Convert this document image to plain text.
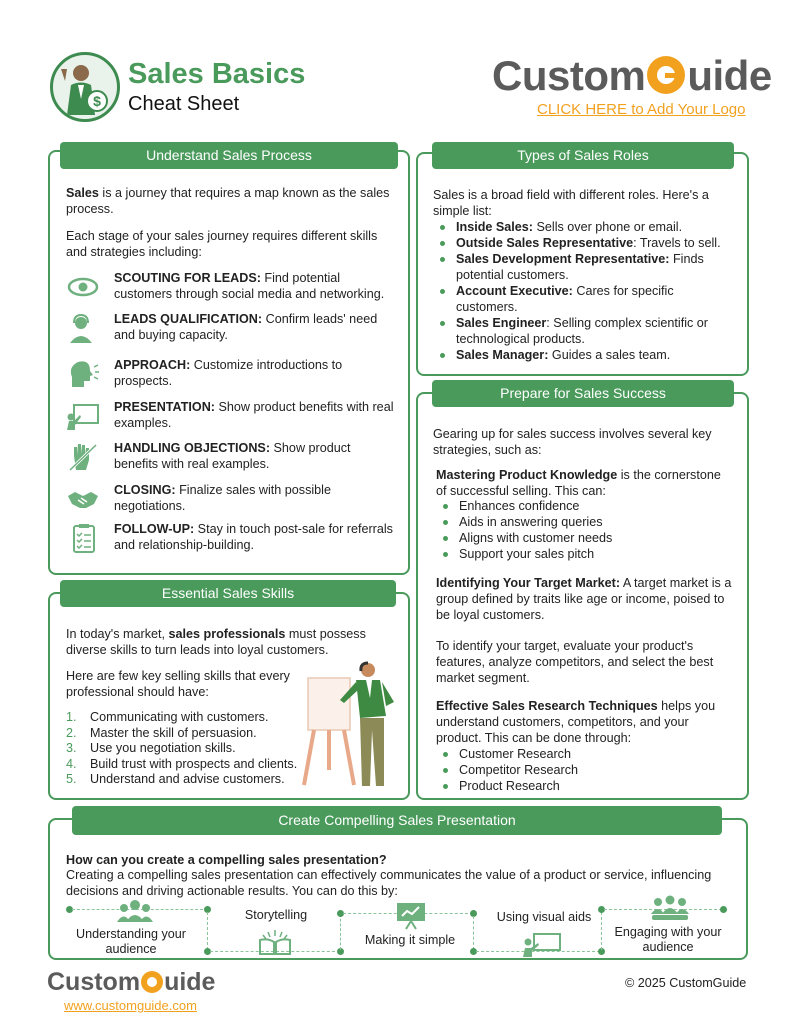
$
Sales Basics
Cheat Sheet
Custom uide
CLICK HERE to Add Your Logo
Understand Sales Process
Sales is a journey that requires a map known as the sales process.
Each stage of your sales journey requires different skills and strategies including:
SCOUTING FOR LEADS: Find potential customers through social media and networking.
LEADS QUALIFICATION: Confirm leads' need and buying capacity.
APPROACH: Customize introductions to prospects.
PRESENTATION: Show product benefits with real examples.
HANDLING OBJECTIONS: Show product benefits with real examples.
CLOSING: Finalize sales with possible negotiations.
FOLLOW-UP: Stay in touch post-sale for referrals and relationship-building.
Essential Sales Skills
In today's market, sales professionals must possess diverse skills to turn leads into loyal customers.
Here are few key selling skills that every professional should have:
1. Communicating with customers.
2. Master the skill of persuasion.
3. Use you negotiation skills.
4. Build trust with prospects and clients.
5. Understand and advise customers.
Types of Sales Roles
Sales is a broad field with different roles. Here's a simple list:
Inside Sales: Sells over phone or email.
Outside Sales Representative: Travels to sell.
Sales Development Representative: Finds potential customers.
Account Executive: Cares for specific customers.
Sales Engineer: Selling complex scientific or technological products.
Sales Manager: Guides a sales team.
Prepare for Sales Success
Gearing up for sales success involves several key strategies, such as:
Mastering Product Knowledge is the cornerstone of successful selling. This can:
Enhances confidence
Aids in answering queries
Aligns with customer needs
Support your sales pitch
Identifying Your Target Market: A target market is a group defined by traits like age or income, poised to be loyal customers.
To identify your target, evaluate your product's features, analyze competitors, and select the best market segment.
Effective Sales Research Techniques helps you understand customers, competitors, and your product. This can be done through:
Customer Research
Competitor Research
Product Research
Create Compelling Sales Presentation
How can you create a compelling sales presentation?
Creating a compelling sales presentation can effectively communicates the value of a product or service, influencing decisions and driving actionable results. You can do this by:
Understanding your audience
Storytelling
Making it simple
Using visual aids
Engaging with your audience
Custom uide
www.customguide.com
© 2025 CustomGuide
